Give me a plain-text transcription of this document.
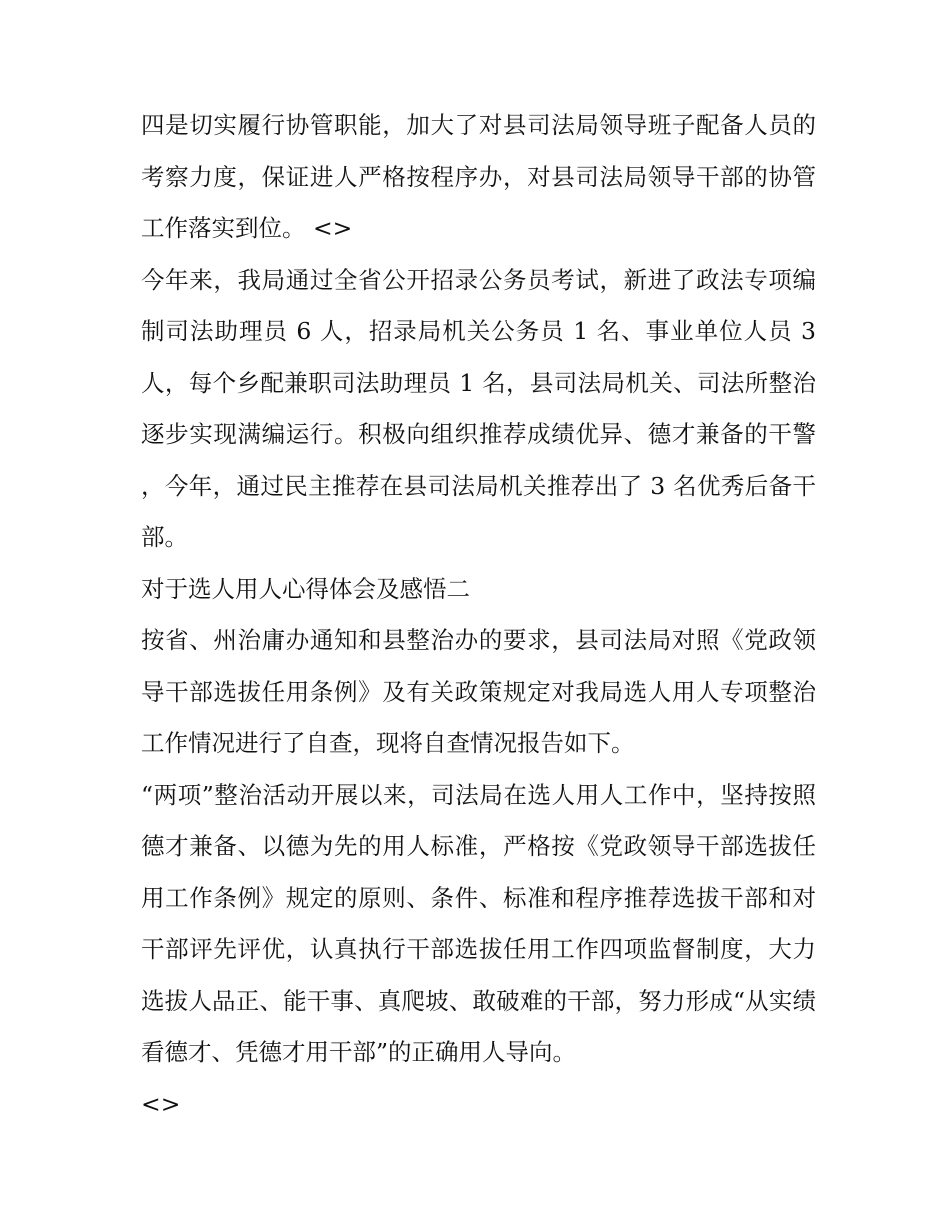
四是切实履行协管职能，加大了对县司法局领导班子配备人员的考察力度，保证进人严格按程序办，对县司法局领导干部的协管工作落实到位。 <>

今年来，我局通过全省公开招录公务员考试，新进了政法专项编制司法助理员 6 人，招录局机关公务员 1 名、事业单位人员 3 人，每个乡配兼职司法助理员 1 名，县司法局机关、司法所整治逐步实现满编运行。积极向组织推荐成绩优异、德才兼备的干警，今年，通过民主推荐在县司法局机关推荐出了 3 名优秀后备干部。

对于选人用人心得体会及感悟二

按省、州治庸办通知和县整治办的要求，县司法局对照《党政领导干部选拔任用条例》及有关政策规定对我局选人用人专项整治工作情况进行了自查，现将自查情况报告如下。

“两项”整治活动开展以来，司法局在选人用人工作中，坚持按照德才兼备、以德为先的用人标准，严格按《党政领导干部选拔任用工作条例》规定的原则、条件、标准和程序推荐选拔干部和对干部评先评优，认真执行干部选拔任用工作四项监督制度，大力选拔人品正、能干事、真爬坡、敢破难的干部，努力形成“从实绩看德才、凭德才用干部”的正确用人导向。

<>
